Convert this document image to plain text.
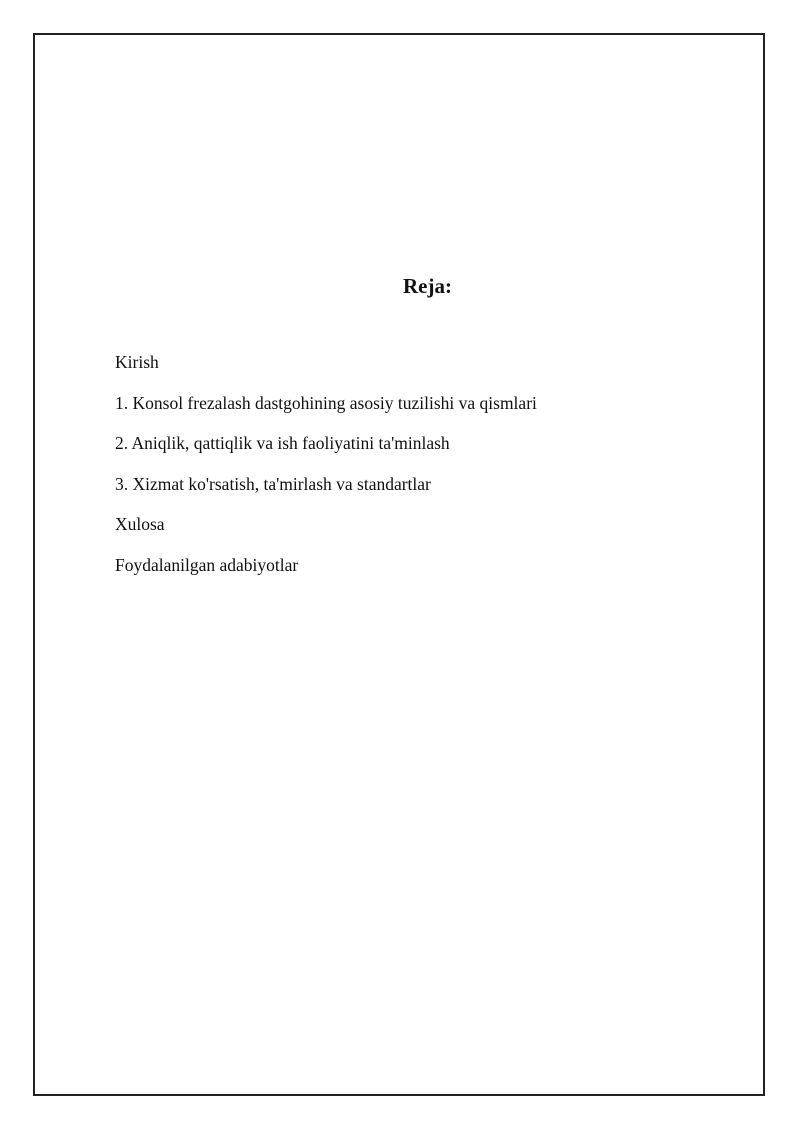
Reja:
Kirish
1. Konsol frezalash dastgohining asosiy tuzilishi va qismlari
2. Aniqlik, qattiqlik va ish faoliyatini ta'minlash
3. Xizmat ko'rsatish, ta'mirlash va standartlar
Xulosa
Foydalanilgan adabiyotlar
